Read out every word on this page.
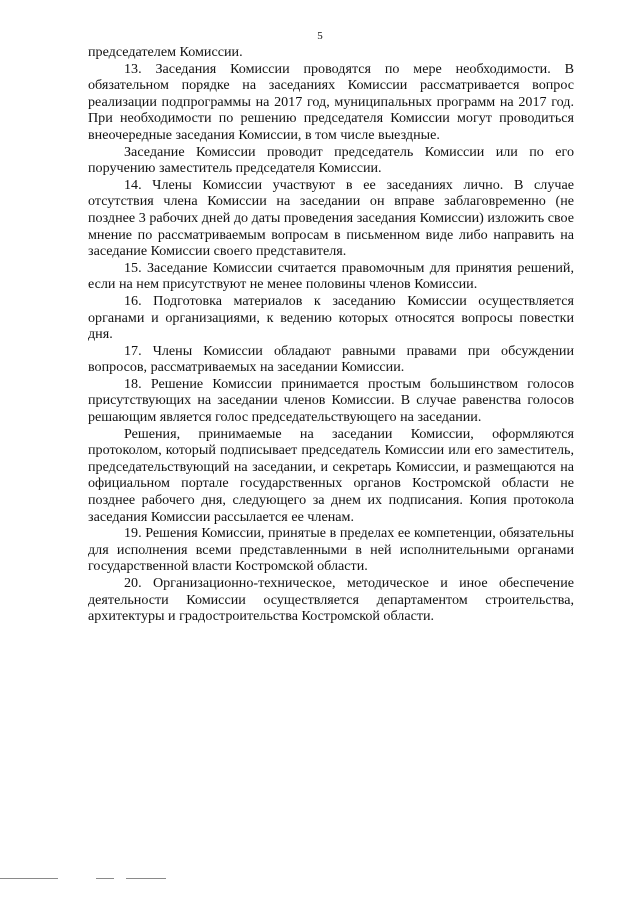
5

председателем Комиссии.

13. Заседания Комиссии проводятся по мере необходимости. В обязательном порядке на заседаниях Комиссии рассматривается вопрос реализации подпрограммы на 2017 год, муниципальных программ на 2017 год. При необходимости по решению председателя Комиссии могут проводиться внеочередные заседания Комиссии, в том числе выездные.

Заседание Комиссии проводит председатель Комиссии или по его поручению заместитель председателя Комиссии.

14. Члены Комиссии участвуют в ее заседаниях лично. В случае отсутствия члена Комиссии на заседании он вправе заблаговременно (не позднее 3 рабочих дней до даты проведения заседания Комиссии) изложить свое мнение по рассматриваемым вопросам в письменном виде либо направить на заседание Комиссии своего представителя.

15. Заседание Комиссии считается правомочным для принятия решений, если на нем присутствуют не менее половины членов Комиссии.

16. Подготовка материалов к заседанию Комиссии осуществляется органами и организациями, к ведению которых относятся вопросы повестки дня.

17. Члены Комиссии обладают равными правами при обсуждении вопросов, рассматриваемых на заседании Комиссии.

18. Решение Комиссии принимается простым большинством голосов присутствующих на заседании членов Комиссии. В случае равенства голосов решающим является голос председательствующего на заседании.

Решения, принимаемые на заседании Комиссии, оформляются протоколом, который подписывает председатель Комиссии или его заместитель, председательствующий на заседании, и секретарь Комиссии, и размещаются на официальном портале государственных органов Костромской области не позднее рабочего дня, следующего за днем их подписания. Копия протокола заседания Комиссии рассылается ее членам.

19. Решения Комиссии, принятые в пределах ее компетенции, обязательны для исполнения всеми представленными в ней исполнительными органами государственной власти Костромской области.

20. Организационно-техническое, методическое и иное обеспечение деятельности Комиссии осуществляется департаментом строительства, архитектуры и градостроительства Костромской области.
